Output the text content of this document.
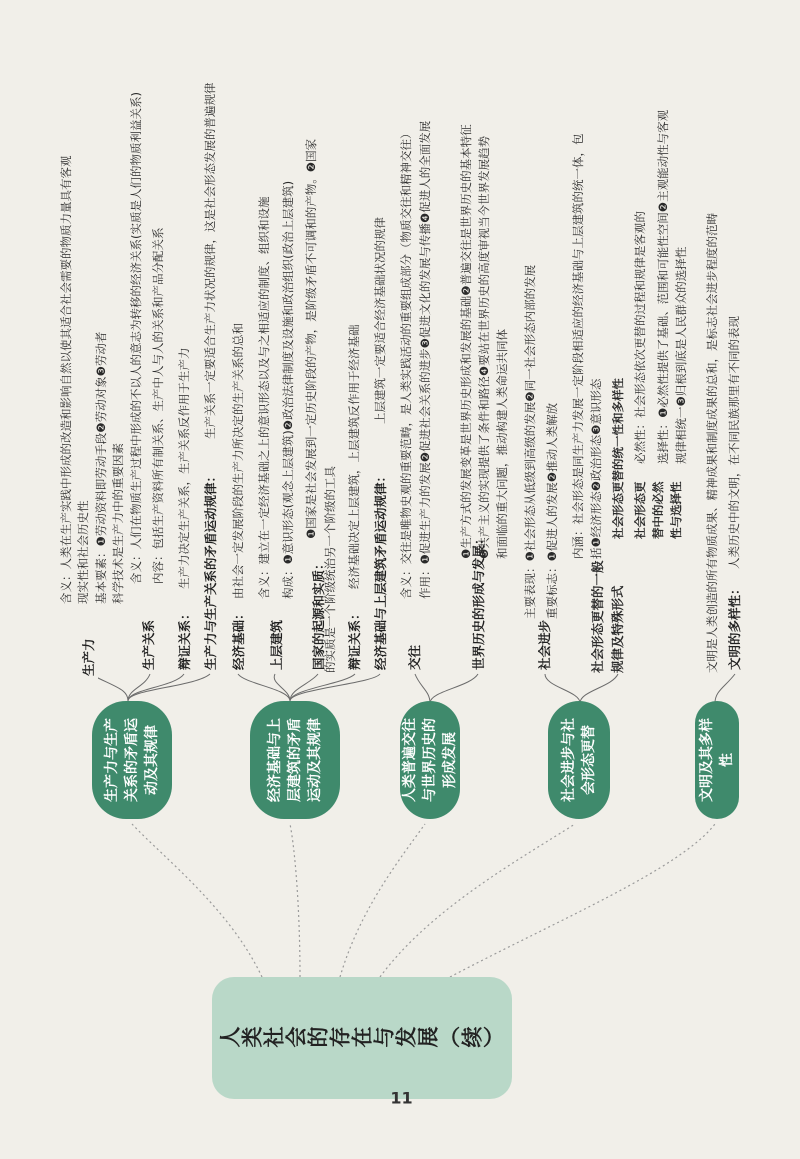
人类社会的存在与发展（续）
11
生产力与生产关系的矛盾运动及其规律	经济基础与上层建筑的矛盾运动及其规律	人类普遍交往与世界历史的形成发展	社会进步与社会形态更替	文明及其多样性
生产力	生产关系 辩证关系： 生产力与生产关系的矛盾运动规律： 经济基础： 上层建筑 国家的起源和实质： 辩证关系： 经济基础与上层建筑矛盾运动规律： 交往	世界历史的形成与发展：	社会进步	社会形态更替的一般规律及特殊形式	文明的多样性：
含义：人类在生产实践中形成的改造和影响自然以使其适合社会需要的物质力量具有客观 现实性和社会历史性 基本要素：❶劳动资料即劳动手段❷劳动对象❸劳动者 科学技术是生产力中的重要因素 含义：人们在物质生产过程中形成的不以人的意志为转移的经济关系(实质是人们的物质利益关系) 内容：包括生产资料所有制关系、生产中人与人的关系和产品分配关系 生产力决定生产关系，生产关系反作用于生产力
生产关系一定要适合生产力状况的规律，这是社会形态发展的普遍规律
由社会一定发展阶段的生产力所决定的生产关系的总和 含义：建立在一定经济基础之上的意识形态以及与之相适应的制度、组织和设施 构成：❶意识形态(观念上层建筑)❷政治法律制度及设施和政治组织(政治上层建筑) ❶国家是社会发展到一定历史阶段的产物，是阶级矛盾不可调和的产物。❷国家
的实质是一个阶级统治另一个阶级的工具 经济基础决定上层建筑，上层建筑反作用于经济基础
上层建筑一定要适合经济基础状况的规律 含义：交往是唯物史观的重要范畴，是人类实践活动的重要组成部分（物质交往和精神交往） 作用：❶促进生产力的发展❷促进社会关系的进步❸促进文化的发展与传播❹促进人的全面发展 ❶生产方式的发展变革是世界历史形成和发展的基础❷普遍交往是世界历史的基本特征 ❸共产主义的实现提供了条件和路径❹要站在世界历史的高度审视当今世界发展趋势 和面临的重大问题，推动构建人类命运共同体 主要表现：❶社会形态从低级到高级的发展❷同一社会形态内部的发展 重要标志：❶促进人的发展❷推动人类解放 内涵：社会形态是同生产力发展一定阶段相适应的经济基础与上层建筑的统一体，包 括❶经济形态❷政治形态❸意识形态 社会形态更替的统一性和多样性 社会形态更 替中的必然 性与选择性
必然性：社会形态依次更替的过程和规律是客观的 选择性：❶必然性提供了基础、范围和可能性空间❷主观能动性与客观 规律相统一❸归根到底是人民群众的选择性 文明是人类创造的所有物质成果、精神成果和制度成果的总和，是标志社会进步程度的范畴 人类历史中的文明，在不同民族那里有不同的表现
